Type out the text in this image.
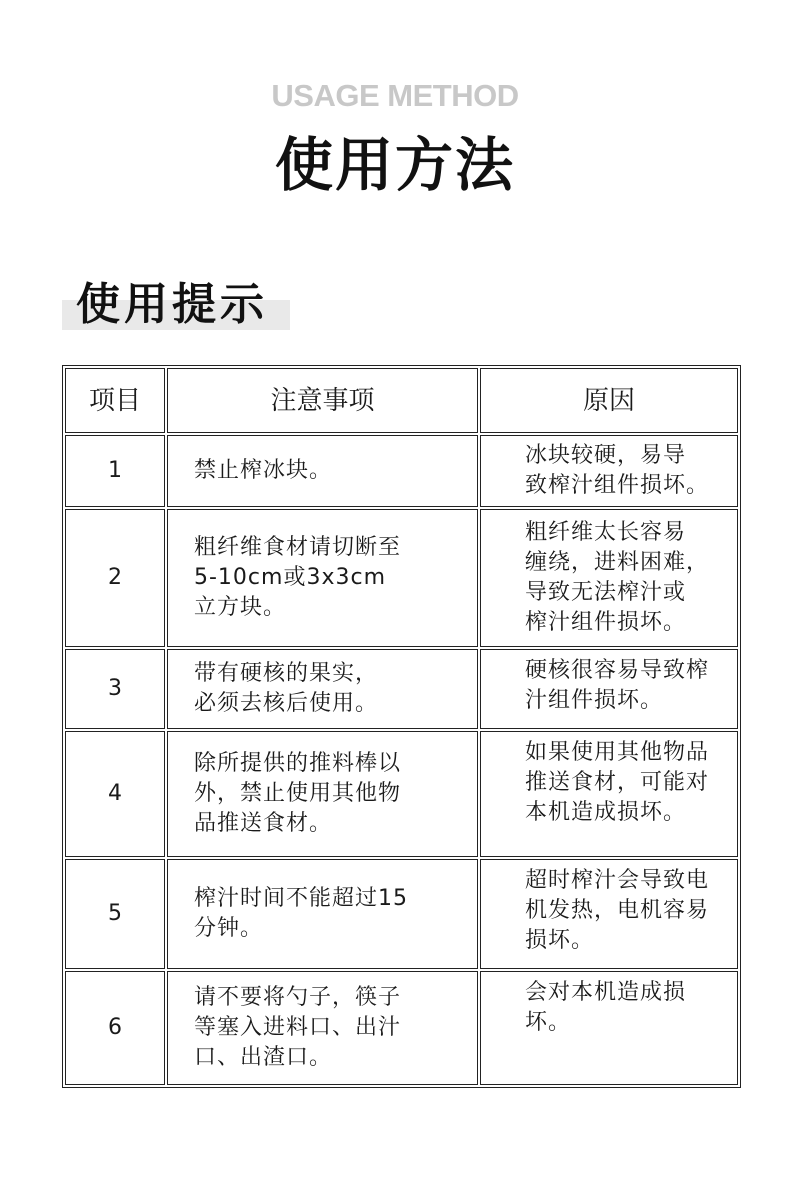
USAGE METHOD
使用方法
使用提示
项目	注意事项	原因
1	禁止榨冰块。	冰块较硬，易导
致榨汁组件损坏。

2	粗纤维食材请切断至
5-10cm或3x3cm
立方块。	粗纤维太长容易
缠绕，进料困难，
导致无法榨汁或
榨汁组件损坏。

3	带有硬核的果实，
必须去核后使用。	硬核很容易导致榨
汁组件损坏。

4	除所提供的推料棒以
外，禁止使用其他物
品推送食材。	如果使用其他物品
推送食材，可能对
本机造成损坏。

5	榨汁时间不能超过15
分钟。	超时榨汁会导致电
机发热，电机容易
损坏。

6	请不要将勺子，筷子
等塞入进料口、出汁
口、出渣口。	会对本机造成损
坏。
